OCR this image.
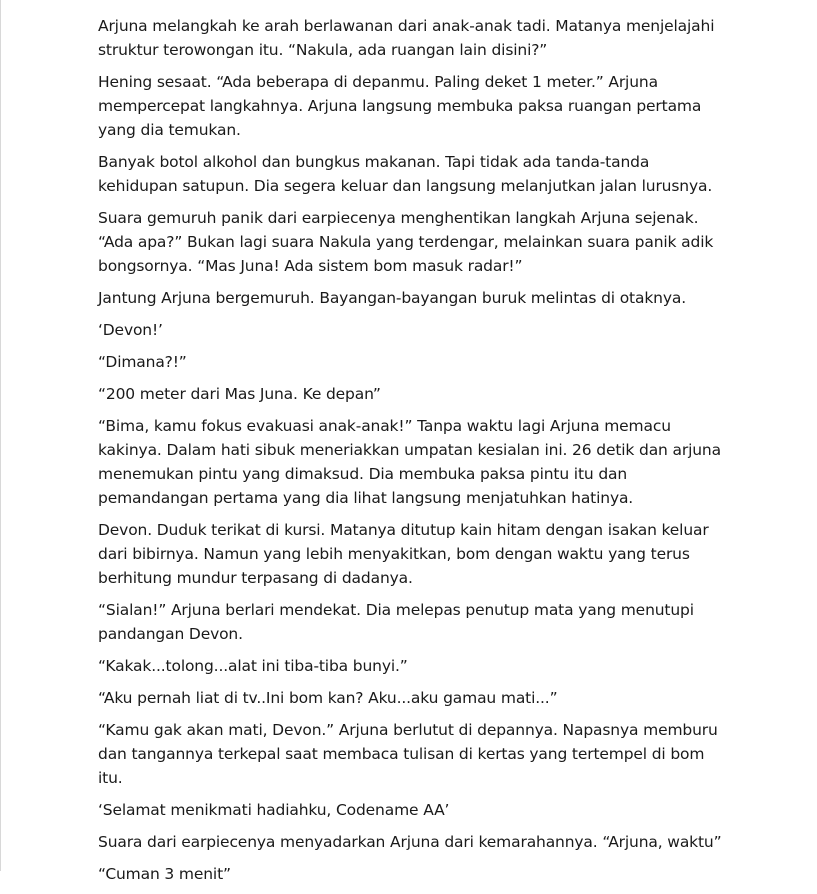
Arjuna melangkah ke arah berlawanan dari anak-anak tadi. Matanya menjelajahi struktur terowongan itu. “Nakula, ada ruangan lain disini?”

Hening sesaat. “Ada beberapa di depanmu. Paling deket 1 meter.” Arjuna mempercepat langkahnya. Arjuna langsung membuka paksa ruangan pertama yang dia temukan.

Banyak botol alkohol dan bungkus makanan. Tapi tidak ada tanda-tanda kehidupan satupun. Dia segera keluar dan langsung melanjutkan jalan lurusnya.

Suara gemuruh panik dari earpiecenya menghentikan langkah Arjuna sejenak. “Ada apa?” Bukan lagi suara Nakula yang terdengar, melainkan suara panik adik bongsornya. “Mas Juna! Ada sistem bom masuk radar!”

Jantung Arjuna bergemuruh. Bayangan-bayangan buruk melintas di otaknya.

‘Devon!’

“Dimana?!”

“200 meter dari Mas Juna. Ke depan”

“Bima, kamu fokus evakuasi anak-anak!” Tanpa waktu lagi Arjuna memacu kakinya. Dalam hati sibuk meneriakkan umpatan kesialan ini. 26 detik dan arjuna menemukan pintu yang dimaksud. Dia membuka paksa pintu itu dan pemandangan pertama yang dia lihat langsung menjatuhkan hatinya.

Devon. Duduk terikat di kursi. Matanya ditutup kain hitam dengan isakan keluar dari bibirnya. Namun yang lebih menyakitkan, bom dengan waktu yang terus berhitung mundur terpasang di dadanya.

“Sialan!” Arjuna berlari mendekat. Dia melepas penutup mata yang menutupi pandangan Devon.

“Kakak...tolong...alat ini tiba-tiba bunyi.”

“Aku pernah liat di tv..Ini bom kan? Aku...aku gamau mati...”

“Kamu gak akan mati, Devon.” Arjuna berlutut di depannya. Napasnya memburu dan tangannya terkepal saat membaca tulisan di kertas yang tertempel di bom itu.

‘Selamat menikmati hadiahku, Codename AA’

Suara dari earpiecenya menyadarkan Arjuna dari kemarahannya. “Arjuna, waktu”

“Cuman 3 menit”
